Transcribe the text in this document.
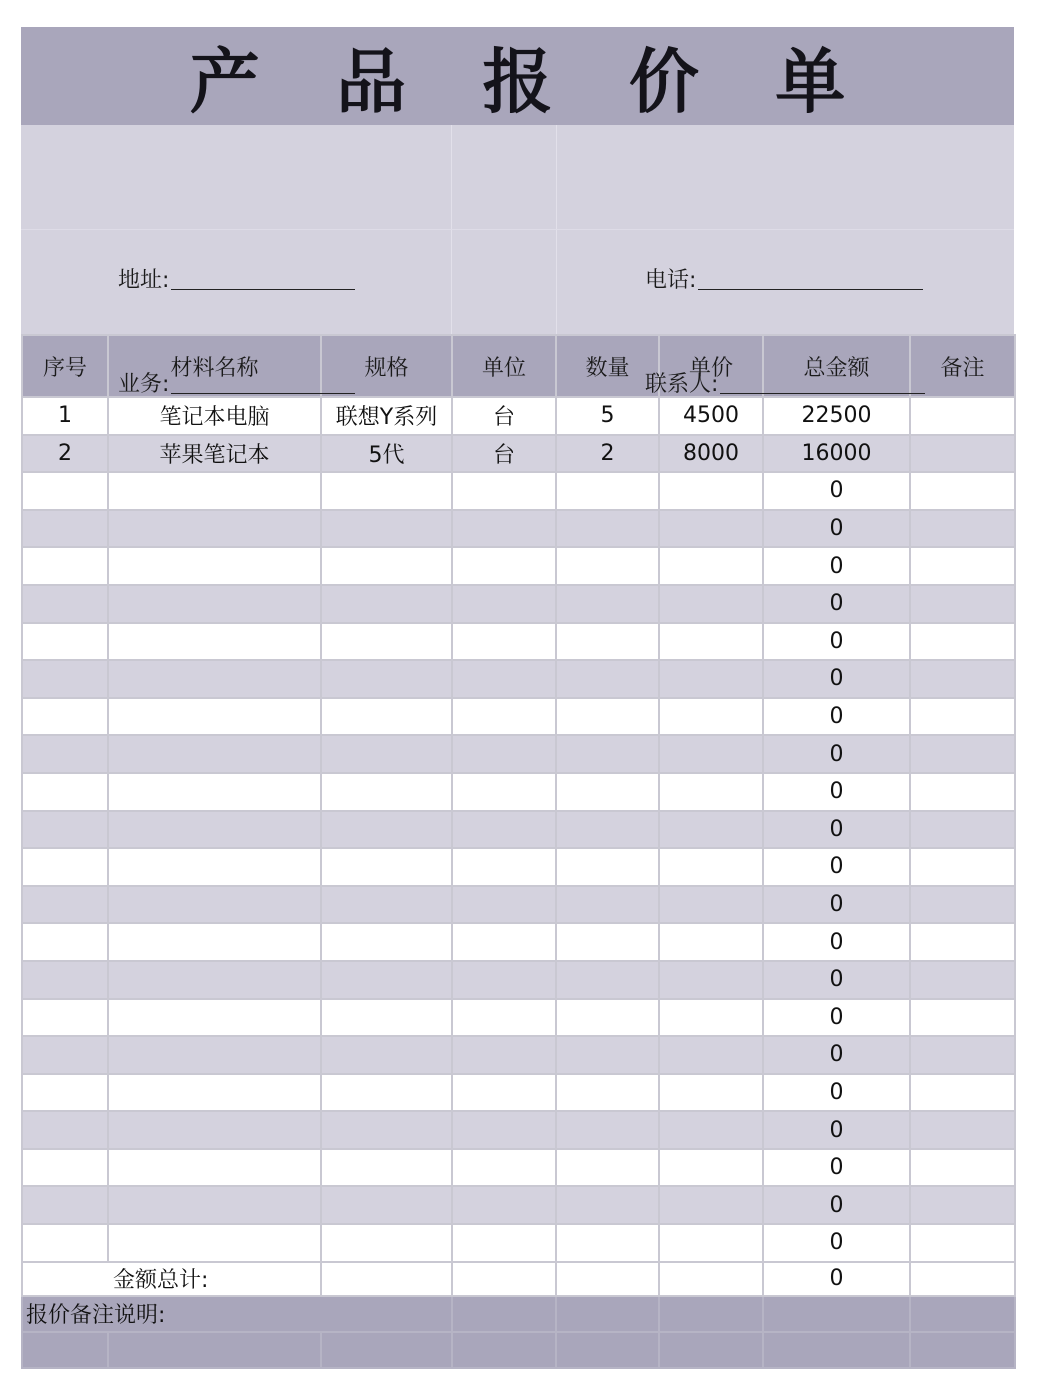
产 品 报 价 单
地址:	电话:
业务:	联系人:
序号	材料名称	规格	单位	数量	单价	总金额	备注
1	笔记本电脑	联想Y系列	台	5	4500	22500	
2	苹果笔记本	5代	台	2	8000	16000	
						0	
						0	
						0	
						0	
						0	
						0	
						0	
						0	
						0	
						0	
						0	
						0	
						0	
						0	
						0	
						0	
						0	
						0	
						0	
						0	
						0	
金额总计:						0	
报价备注说明:							
